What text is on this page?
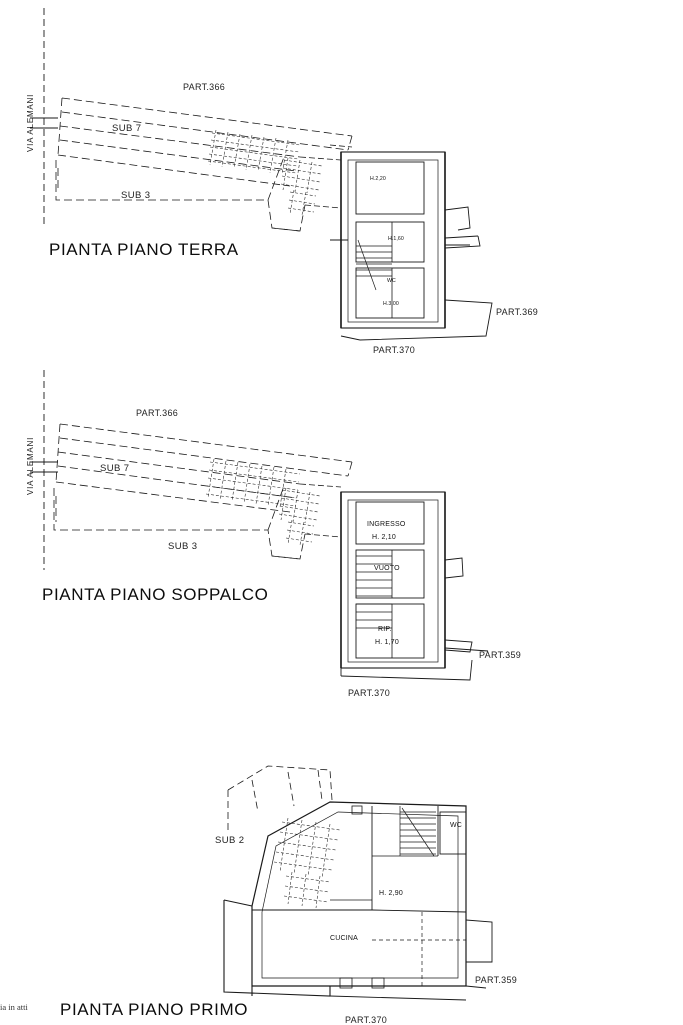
VIA ALEMANI
PART.366
SUB 7
SUB 3
PIANTA PIANO TERRA
H.2,20
H.1,60
WC
H.3,00
PART.369
PART.370
VIA ALEMANI
PART.366
SUB 7
SUB 3
PIANTA PIANO SOPPALCO
INGRESSO
H. 2,10
VUOTO
RIP.
H. 1,70
PART.359
PART.370
SUB 2
WC
H. 2,90
CUCINA
PART.359
PART.370
PIANTA PIANO PRIMO
ia in atti
